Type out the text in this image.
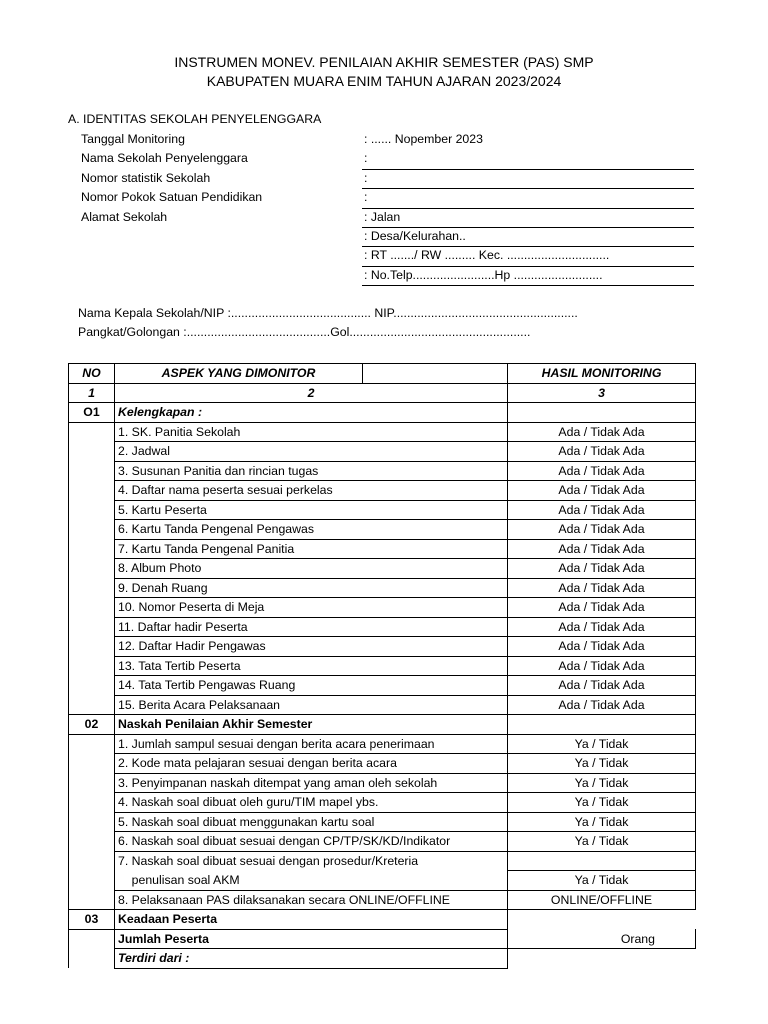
INSTRUMEN MONEV. PENILAIAN AKHIR SEMESTER (PAS) SMP
KABUPATEN MUARA ENIM TAHUN AJARAN 2023/2024
A. IDENTITAS SEKOLAH PENYELENGGARA
Tanggal Monitoring	: ...... Nopember 2023
Nama Sekolah Penyelenggara	:
Nomor statistik Sekolah	:
Nomor Pokok Satuan Pendidikan	:
Alamat Sekolah	: Jalan
: Desa/Kelurahan..
: RT ......./ RW ......... Kec. ..............................
: No.Telp........................Hp ..........................
Nama Kepala Sekolah/NIP :......................................... NIP......................................................
Pangkat/Golongan :..........................................Gol.....................................................
NO	ASPEK YANG DIMONITOR		HASIL MONITORING
1	2		3
O1	Kelengkapan :		
	1. SK. Panitia Sekolah		Ada / Tidak Ada
	2. Jadwal		Ada / Tidak Ada
	3. Susunan Panitia dan rincian tugas		Ada / Tidak Ada
	4. Daftar nama peserta sesuai perkelas		Ada / Tidak Ada
	5. Kartu Peserta		Ada / Tidak Ada
	6. Kartu Tanda Pengenal Pengawas		Ada / Tidak Ada
	7. Kartu Tanda Pengenal Panitia		Ada / Tidak Ada
	8. Album Photo		Ada / Tidak Ada
	9. Denah Ruang		Ada / Tidak Ada
	10. Nomor Peserta di Meja		Ada / Tidak Ada
	11. Daftar hadir Peserta		Ada / Tidak Ada
	12. Daftar Hadir Pengawas		Ada / Tidak Ada
	13. Tata Tertib Peserta		Ada / Tidak Ada
	14. Tata Tertib Pengawas Ruang		Ada / Tidak Ada
	15. Berita Acara Pelaksanaan		Ada / Tidak Ada
02	Naskah Penilaian Akhir Semester		
	1. Jumlah sampul sesuai dengan berita acara penerimaan		Ya / Tidak
	2. Kode mata pelajaran sesuai dengan berita acara		Ya / Tidak
	3. Penyimpanan naskah ditempat yang aman oleh sekolah		Ya / Tidak
	4. Naskah soal dibuat oleh guru/TIM mapel ybs.		Ya / Tidak
	5. Naskah soal dibuat menggunakan kartu soal		Ya / Tidak
	6. Naskah soal dibuat sesuai dengan CP/TP/SK/KD/Indikator		Ya / Tidak
	7. Naskah soal dibuat sesuai dengan prosedur/Kreteria		
	penulisan soal AKM		Ya / Tidak
	8. Pelaksanaan PAS dilaksanakan secara ONLINE/OFFLINE		ONLINE/OFFLINE
03	Keadaan Peserta		
	Jumlah Peserta		Orang
	Terdiri dari :		
